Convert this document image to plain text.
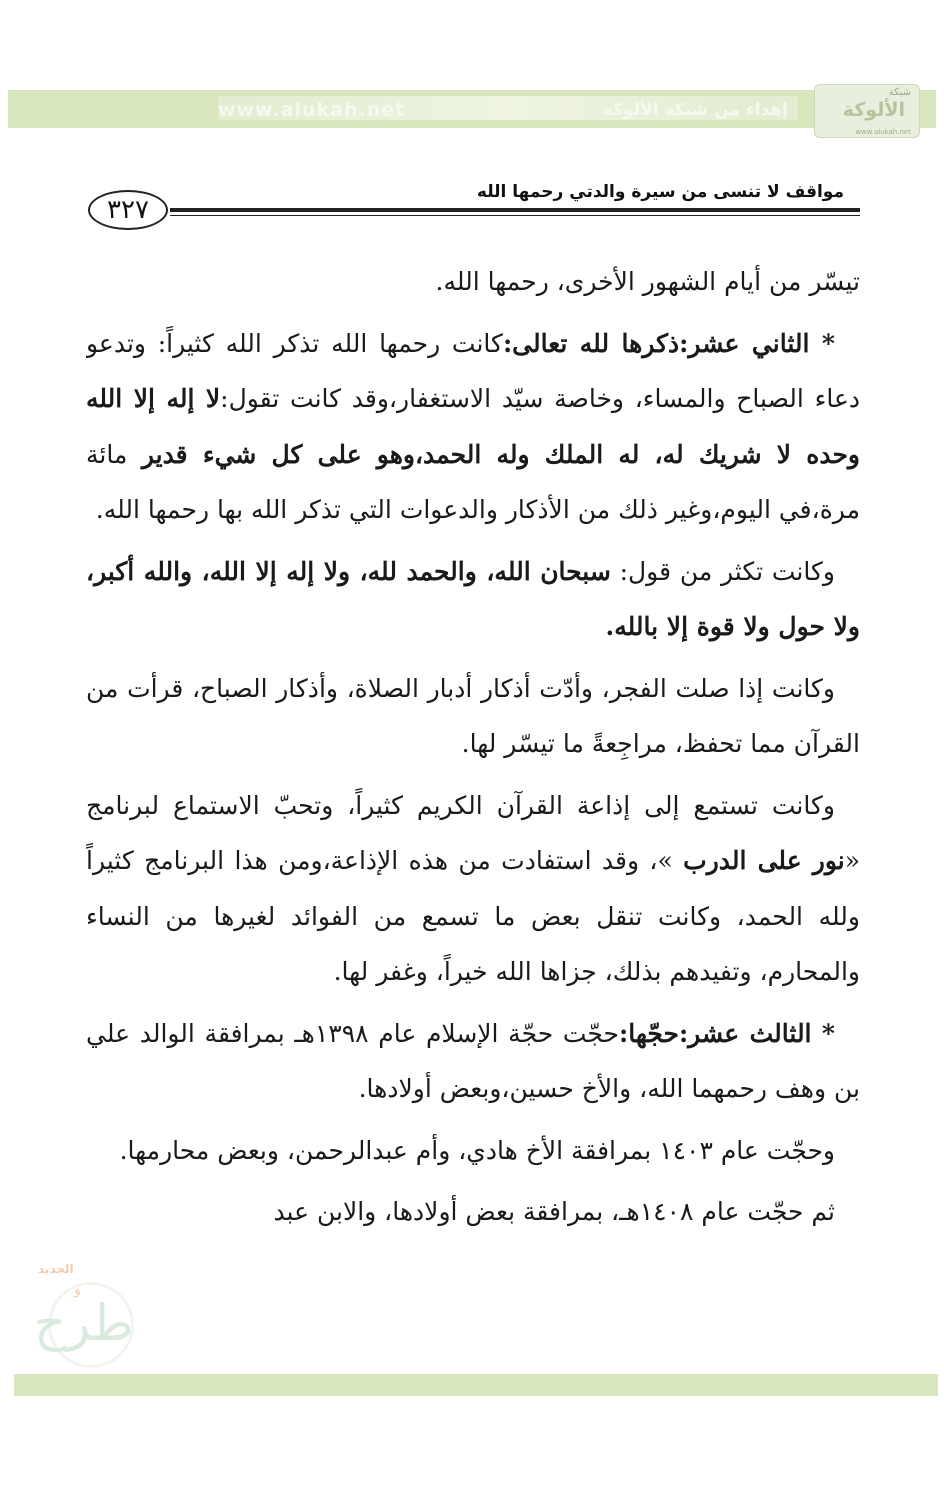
www.alukah.net	إهداء من شبكة الألوكة
شبكة
الألوكة
www.alukah.net
مواقف لا تنسى من سيرة والدتي رحمها الله
٣٢٧

تيسّر من أيام الشهور الأخرى، رحمها الله.

 * الثاني عشر:ذكرها لله تعالى:كانت رحمها الله تذكر الله كثيراً: وتدعو دعاء الصباح والمساء، وخاصة سيّد الاستغفار،وقد كانت تقول:لا إله إلا الله وحده لا شريك له، له الملك وله الحمد،وهو على كل شيء قدير مائة مرة،في اليوم،وغير ذلك من الأذكار والدعوات التي تذكر الله بها رحمها الله.

 وكانت تكثر من قول: سبحان الله، والحمد لله، ولا إله إلا الله، والله أكبر، ولا حول ولا قوة إلا بالله.

 وكانت إذا صلت الفجر، وأدّت أذكار أدبار الصلاة، وأذكار الصباح، قرأت من القرآن مما تحفظ، مراجِعةً ما تيسّر لها.

 وكانت تستمع إلى إذاعة القرآن الكريم كثيراً، وتحبّ الاستماع لبرنامج «نور على الدرب »، وقد استفادت من هذه الإذاعة،ومن هذا البرنامج كثيراً ولله الحمد، وكانت تنقل بعض ما تسمع من الفوائد لغيرها من النساء والمحارم، وتفيدهم بذلك، جزاها الله خيراً، وغفر لها.

 * الثالث عشر:حجّها:حجّت حجّة الإسلام عام ١٣٩٨هـ بمرافقة الوالد علي بن وهف رحمهما الله، والأخ حسين،وبعض أولادها.

 وحجّت عام ١٤٠٣ بمرافقة الأخ هادي، وأم عبدالرحمن، وبعض محارمها.

 ثم حجّت عام ١٤٠٨هـ، بمرافقة بعض أولادها، والابن عبد

الجديد
و
طرح
